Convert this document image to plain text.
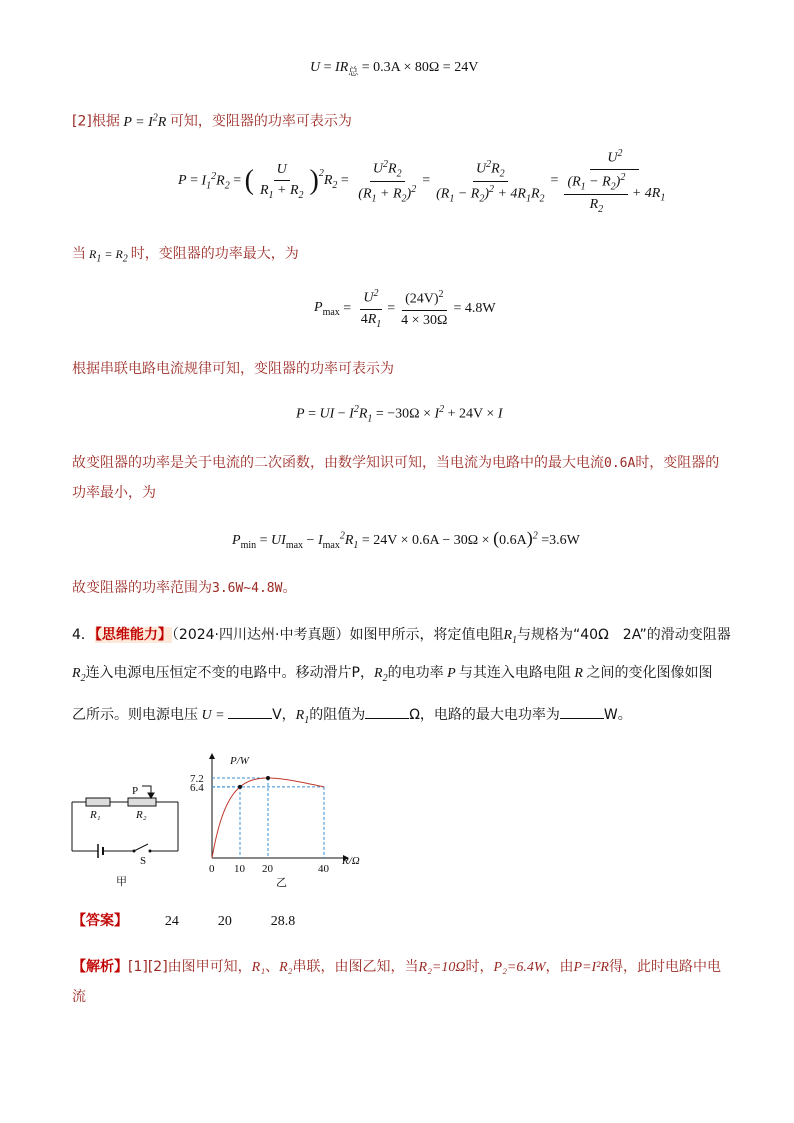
$U = IR_总 = 0.3A \times 80\Omega = 24V$
[2]根据 $P = I^2R$ 可知，变阻器的功率可表示为
$P = I_1^2R_2$ = ( $\frac{U}{R_1 + R_2} )^2$ $R_2 = \frac{U^2R_2}{(R_1 + R_2)^2} = \frac{U^2R_2}{(R_1 - R_2)^2 + 4R_1R_2} = \frac{U^2}{\frac{(R_1 - R_2)^2}{R_2} + 4R_1}$
当 $R_1 = R_2$ 时，变阻器的功率最大，为
$P_{max} = \frac{U^2}{4R_1} = \frac{(24V)^2}{4 \times 30\Omega} = 4.8W$
根据串联电路电流规律可知，变阻器的功率可表示为
P = UI − $I^2R_1 = -30\Omega \times I^2 + 24V \times I$
故变阻器的功率是关于电流的二次函数，由数学知识可知，当电流为电路中的最大电流0.6A时，变阻器的
功率最小，为
$P_{min} = UI_{max} - I_{max}^2R_1 = 24V \times 0.6A - 30\Omega \times (0.6A)^2 =3.6W$
故变阻器的功率范围为3.6W~4.8W。
4．【思维能力】（2024·四川达州·中考真题）如图甲所示，将定值电阻$R_1$与规格为“40Ω　2A”的滑动变阻器
$R_2$连入电源电压恒定不变的电路中。移动滑片P，$R_2$的电功率 P 与其连入电路电阻 R 之间的变化图像如图
乙所示。则电源电压 U =	V，$R_1$的阻值为	Ω，电路的最大电功率为	W。
P
R₁	R₂
S
甲
P/W
R/Ω
0 10 20	40
6.4
7.2
乙
【答案】	24	20	28.8
【解析】[1][2]由图甲可知，R₁、R₂串联，由图乙知，当R₂=10Ω时，P₂=6.4W，由P=I²R得，此时电路中电
流
